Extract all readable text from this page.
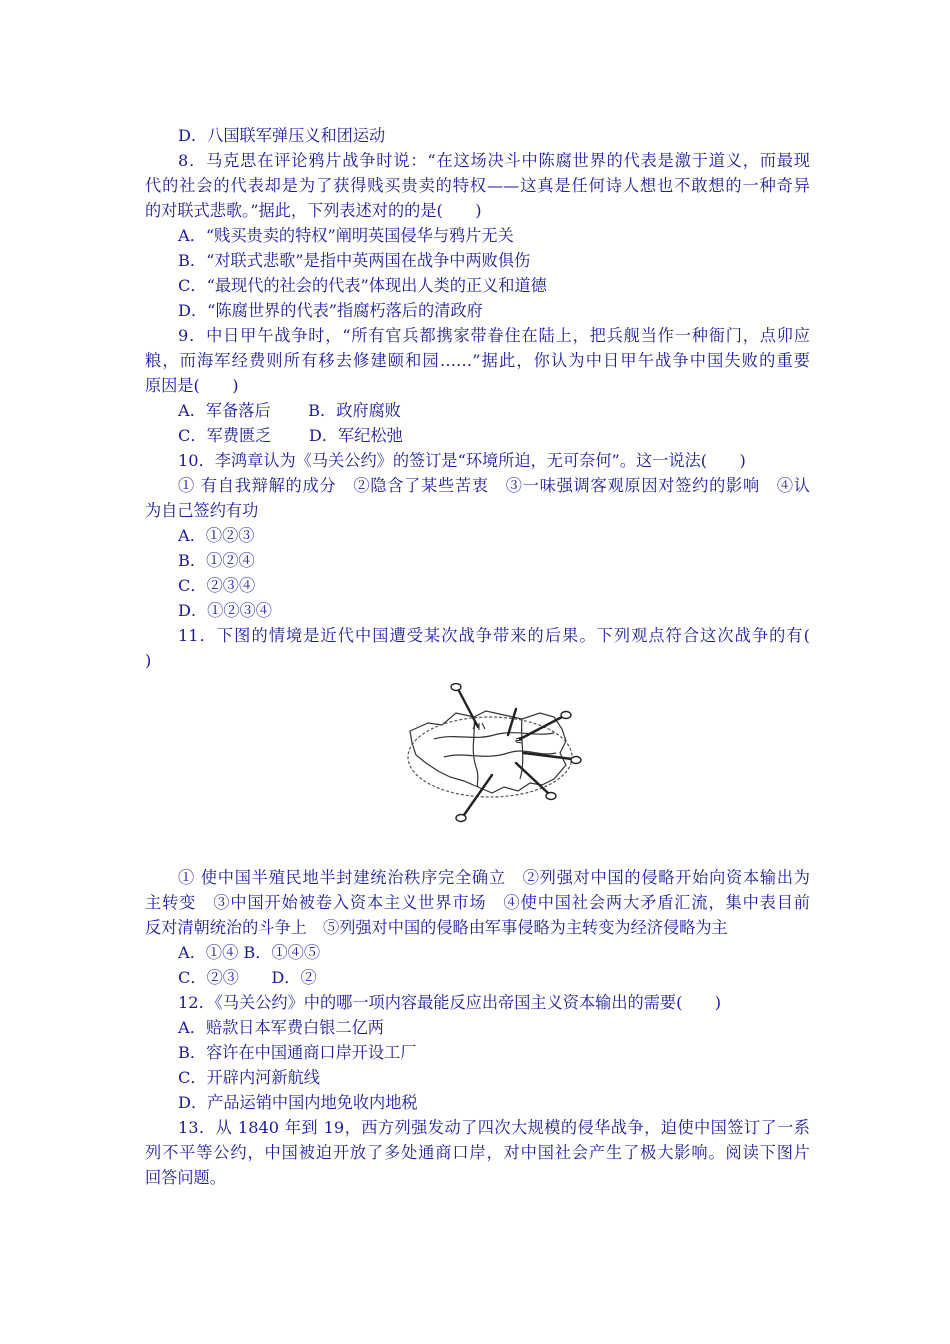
D．八国联军弹压义和团运动
8．马克思在评论鸦片战争时说：“在这场决斗中陈腐世界的代表是激于道义，而最现
代的社会的代表却是为了获得贱买贵卖的特权——这真是任何诗人想也不敢想的一种奇异
的对联式悲歌。”据此，下列表述对的的是(　　)
A．“贱买贵卖的特权”阐明英国侵华与鸦片无关
B．“对联式悲歌”是指中英两国在战争中两败俱伤
C．“最现代的社会的代表”体现出人类的正义和道德
D．“陈腐世界的代表”指腐朽落后的清政府
9．中日甲午战争时，“所有官兵都携家带眷住在陆上，把兵舰当作一种衙门，点卯应
粮，而海军经费则所有移去修建颐和园……”据此，你认为中日甲午战争中国失败的重要
原因是(　　)
A．军备落后　　 B．政府腐败
C．军费匮乏　　 D．军纪松弛
10．李鸿章认为《马关公约》的签订是“环境所迫，无可奈何”。这一说法(　　)
① 有自我辩解的成分　②隐含了某些苦衷　③一味强调客观原因对签约的影响　④认
为自己签约有功
A．①②③
B．①②④
C．②③④
D．①②③④
11．下图的情境是近代中国遭受某次战争带来的后果。下列观点符合这次战争的有(
)
① 使中国半殖民地半封建统治秩序完全确立　②列强对中国的侵略开始向资本输出为
主转变　③中国开始被卷入资本主义世界市场　④使中国社会两大矛盾汇流，集中表目前
反对清朝统治的斗争上　⑤列强对中国的侵略由军事侵略为主转变为经济侵略为主
A．①④ B．①④⑤
C．②③　　D．②
12．《马关公约》中的哪一项内容最能反应出帝国主义资本输出的需要(　　)
A．赔款日本军费白银二亿两
B．容许在中国通商口岸开设工厂
C．开辟内河新航线
D．产品运销中国内地免收内地税
13．从 1840 年到 19，西方列强发动了四次大规模的侵华战争，迫使中国签订了一系
列不平等公约，中国被迫开放了多处通商口岸，对中国社会产生了极大影响。阅读下图片
回答问题。
